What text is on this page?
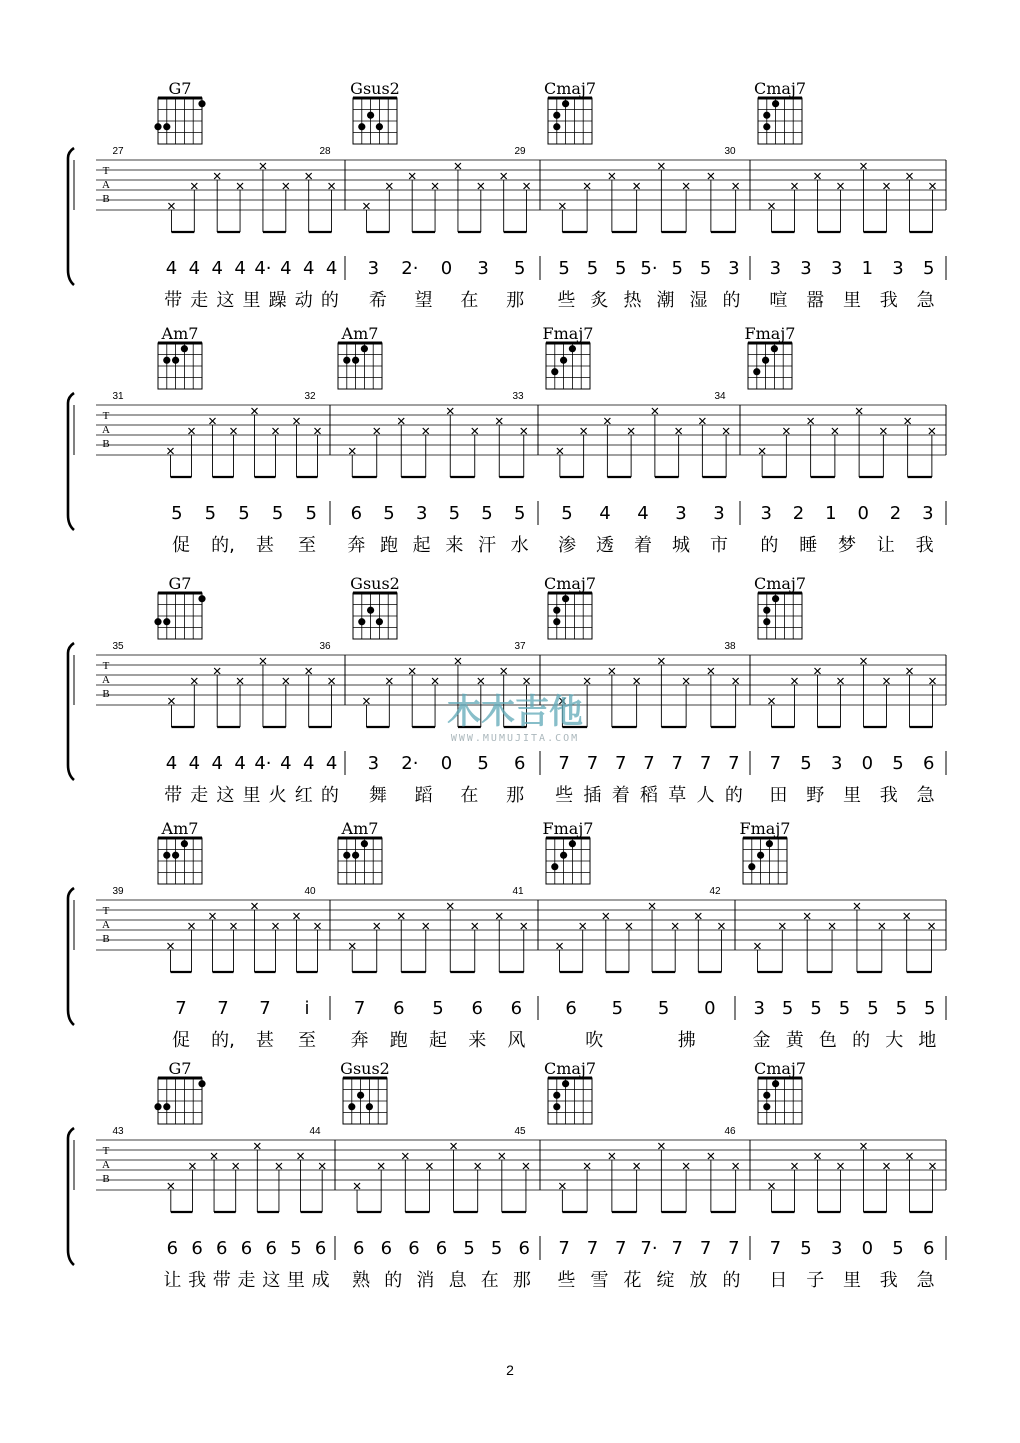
T
A
B
27
G7
4 4 4 4 4· 4 4 4
带 走 这 里 躁 动 的
28
Gsus2
3 2· 0 3 5
希 望 在 那
29
Cmaj7
5 5 5 5· 5 5 3
些 炙 热 潮 湿 的
30
Cmaj7
3 3 3 1 3 5
喧 嚣 里 我 急
T
A
B
31
Am7
5 5 5 5 5
促 的, 甚 至
32
Am7
6 5 3 5 5 5
奔 跑 起 来 汗 水
33
Fmaj7
5 4 4 3 3
渗 透 着 城 市
34
Fmaj7
3 2 1 0 2 3
的 睡 梦 让 我
T
A
B
35
G7
4 4 4 4 4· 4 4 4
带 走 这 里 火 红 的
36
Gsus2
3 2· 0 5 6
舞 蹈 在 那
37
Cmaj7
7 7 7 7 7 7 7
些 插 着 稻 草 人 的
38
Cmaj7
7 5 3 0 5 6
田 野 里 我 急
T
A
B
39
Am7
7 7 7 i
促 的, 甚 至
40
Am7
7 6 5 6 6
奔 跑 起 来 风
41
Fmaj7
6 5 5 0
吹	拂
42
Fmaj7
3 5 5 5 5 5 5
金 黄 色 的 大 地
T
A
B
43
G7
6 6 6 6 6 5 6
让 我 带 走 这 里 成
44
Gsus2
6 6 6 6 5 5 6
熟 的 消 息 在 那
45
Cmaj7
7 7 7 7· 7 7 7
些 雪 花 绽 放 的
46
Cmaj7
7 5 3 0 5 6
日 子 里 我 急
木木吉他
WWW.MUMUJITA.COM
2
